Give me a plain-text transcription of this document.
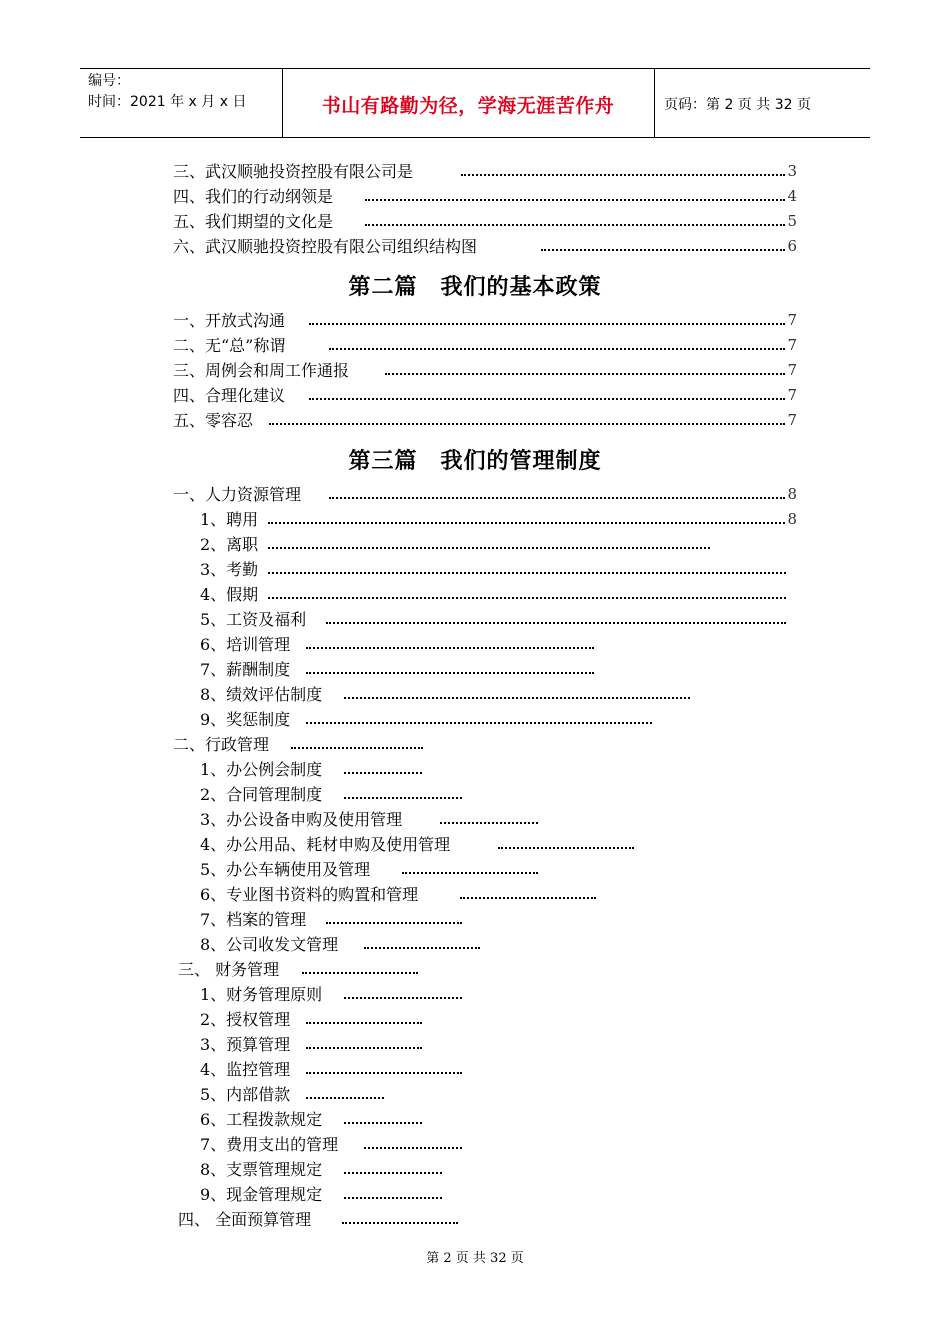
编号：
时间：2021 年 x 月 x 日	书山有路勤为径，学海无涯苦作舟	页码：第 2 页 共 32 页
三、武汉顺驰投资控股有限公司是	3
四、我们的行动纲领是	4
五、我们期望的文化是	5
六、武汉顺驰投资控股有限公司组织结构图	6
第二篇　我们的基本政策
一、开放式沟通	7
二、无“总”称谓	7
三、周例会和周工作通报	7
四、合理化建议	7
五、零容忍	7
第三篇　我们的管理制度
一、人力资源管理	8
1、聘用	8
2、离职
3、考勤
4、假期
5、工资及福利
6、培训管理
7、薪酬制度
8、绩效评估制度
9、奖惩制度
二、行政管理
1、办公例会制度
2、合同管理制度
3、办公设备申购及使用管理
4、办公用品、耗材申购及使用管理
5、办公车辆使用及管理
6、专业图书资料的购置和管理
7、档案的管理
8、公司收发文管理
三、 财务管理
1、财务管理原则
2、授权管理
3、预算管理
4、监控管理
5、内部借款
6、工程拨款规定
7、费用支出的管理
8、支票管理规定
9、现金管理规定
四、 全面预算管理
第 2 页 共 32 页
